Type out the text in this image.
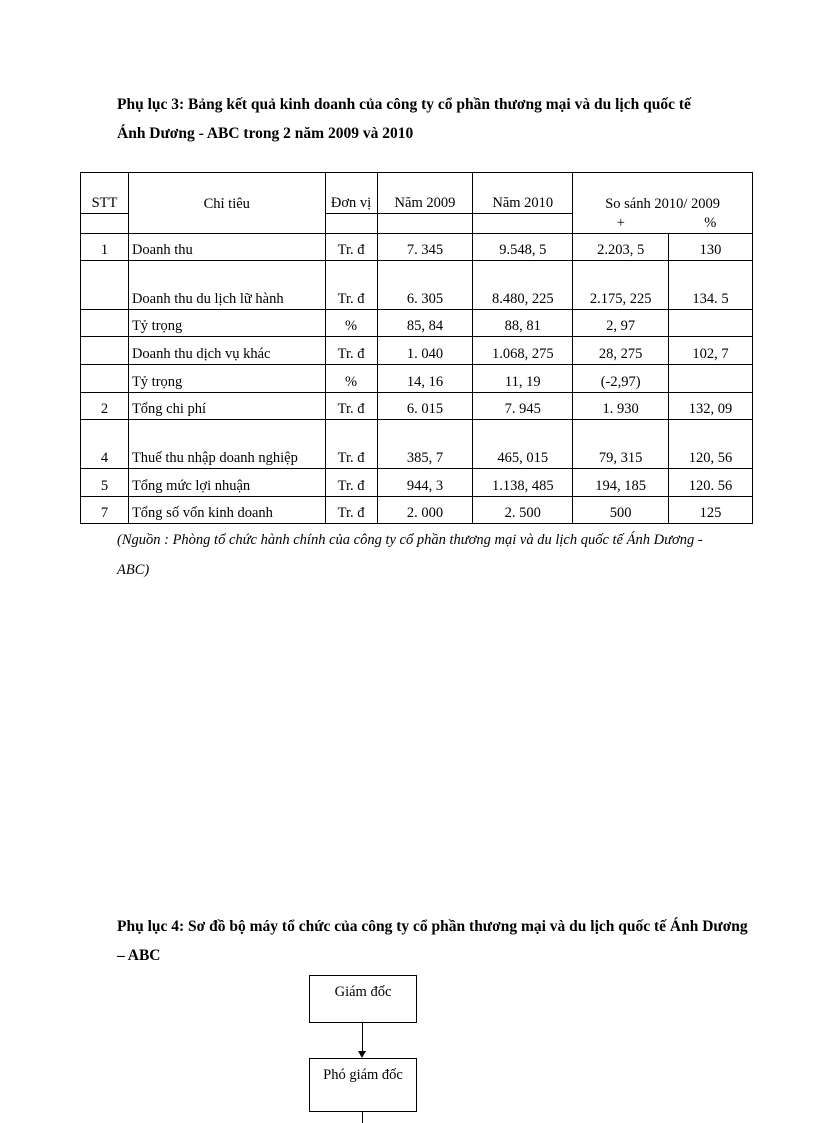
Phụ lục 3: Bảng kết quả kinh doanh của công ty cổ phần thương mại và du lịch quốc tế Ánh Dương - ABC trong 2 năm 2009 và 2010

STT	Chỉ tiêu	Đơn vị	Năm 2009	Năm 2010	So sánh 2010/ 2009	
					+	%
1	Doanh thu	Tr. đ	7. 345	9.548, 5	2.203, 5	130
	Doanh thu du lịch lữ hành	Tr. đ	6. 305	8.480, 225	2.175, 225	134. 5
	Tỷ trọng	%	85, 84	88, 81	2, 97	
	Doanh thu dịch vụ khác	Tr. đ	1. 040	1.068, 275	28, 275	102, 7
	Tỷ trọng	%	14, 16	11, 19	(-2,97)	
2	Tổng chi phí	Tr. đ	6. 015	7. 945	1. 930	132, 09
4	Thuế thu nhập doanh nghiệp	Tr. đ	385, 7	465, 015	79, 315	120, 56
5	Tổng mức lợi nhuận	Tr. đ	944, 3	1.138, 485	194, 185	120. 56
7	Tổng số vốn kinh doanh	Tr. đ	2. 000	2. 500	500	125

(Nguồn : Phòng tổ chức hành chính của công ty cổ phần thương mại và du lịch quốc tế Ánh Dương - ABC)

Phụ lục 4: Sơ đồ bộ máy tổ chức của công ty cổ phần thương mại và du lịch quốc tế Ánh Dương – ABC

Giám đốc
Phó giám đốc
